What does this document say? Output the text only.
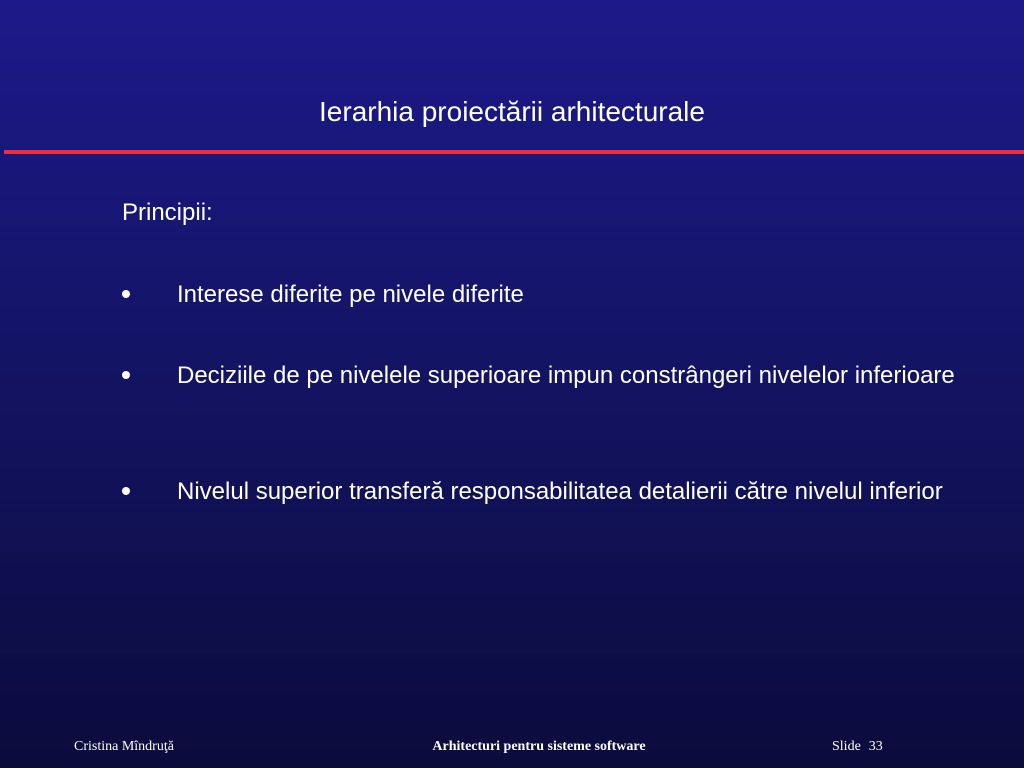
Ierarhia proiectării arhitecturale
Principii:
Interese diferite pe nivele diferite
Deciziile de pe nivelele superioare impun constrângeri nivelelor inferioare
Nivelul superior transferă responsabilitatea detalierii către nivelul inferior
Cristina Mîndruţă	Arhitecturi pentru sisteme software	Slide 33
